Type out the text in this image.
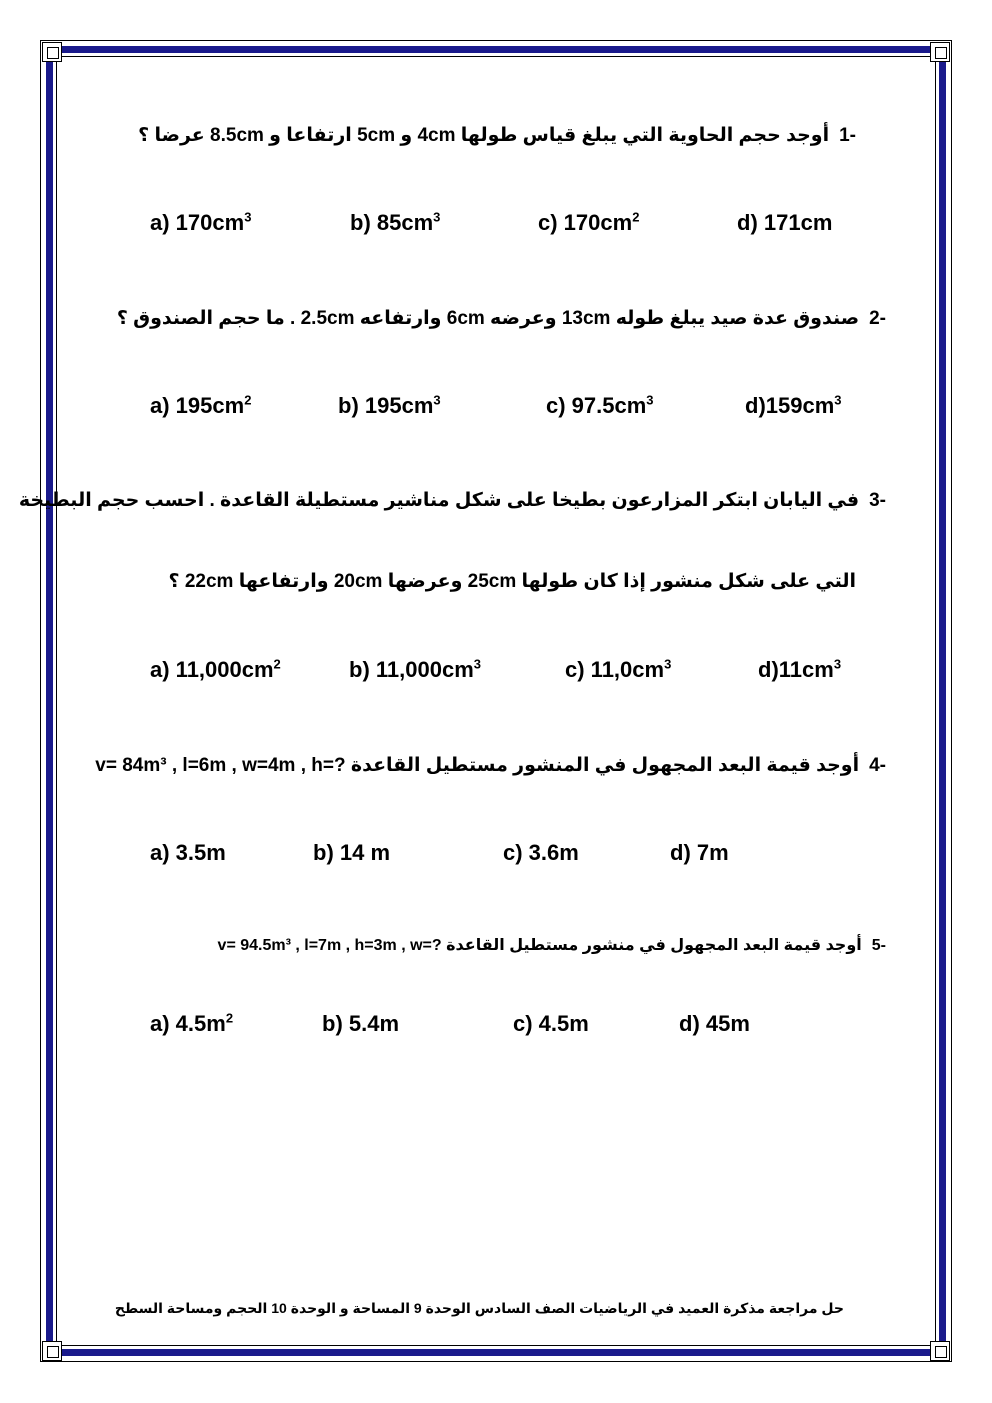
-1أوجد حجم الحاوية التي يبلغ قياس طولها 4cm و 5cm ارتفاعا و 8.5cm عرضا ؟
a) $170cm^3$	b) $85cm^3$	c) $170cm^2$	d) 171cm
-2صندوق عدة صيد يبلغ طوله 13cm وعرضه 6cm وارتفاعه 2.5cm . ما حجم الصندوق ؟
a) $195cm^2$	b) $195cm^3$	c) $97.5cm^3$	$d)159cm^3$
-3في اليابان ابتكر المزارعون بطيخا على شكل مناشير مستطيلة القاعدة . احسب حجم البطيخة
التي على شكل منشور إذا كان طولها 25cm وعرضها 20cm وارتفاعها 22cm ؟
a) $11,000cm^2$	b) $11,000cm^3$	c) $11,0cm^3$	$d)11cm^3$
-4أوجد قيمة البعد المجهول في المنشور مستطيل القاعدة ?=v= 84m³ , l=6m , w=4m , h
a) 3.5m	b) 14 m	c) 3.6m	d) 7m
-5أوجد قيمة البعد المجهول في منشور مستطيل القاعدة ?=v= 94.5m³ , l=7m , h=3m , w
a) $4.5m^2$	b) 5.4m	c) 4.5m	d) 45m
حل مراجعة مذكرة العميد في الرياضيات الصف السادس الوحدة 9 المساحة و الوحدة 10 الحجم ومساحة السطح
